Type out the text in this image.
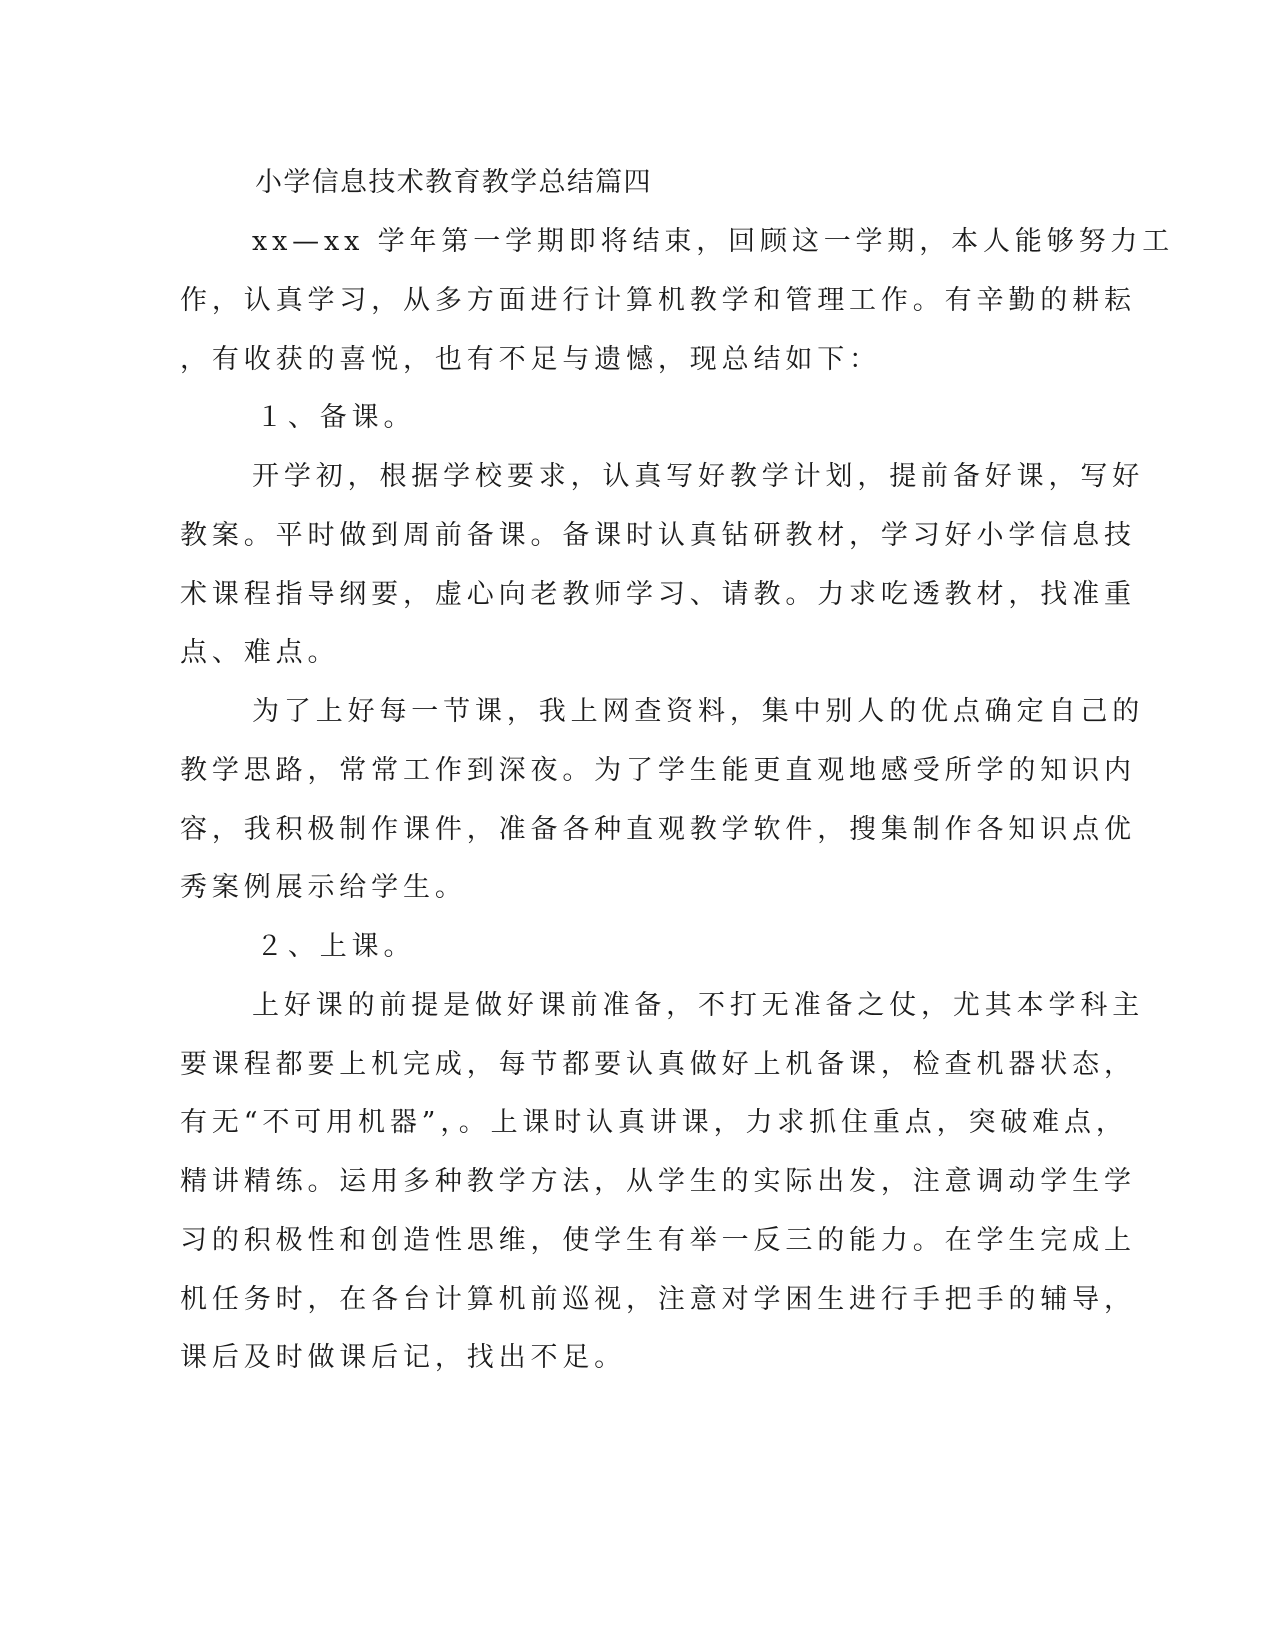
小学信息技术教育教学总结篇四
xx—xx 学年第一学期即将结束，回顾这一学期，本人能够努力工
作，认真学习，从多方面进行计算机教学和管理工作。有辛勤的耕耘
，有收获的喜悦，也有不足与遗憾，现总结如下：
１、备课。
开学初，根据学校要求，认真写好教学计划，提前备好课，写好
教案。平时做到周前备课。备课时认真钻研教材，学习好小学信息技
术课程指导纲要，虚心向老教师学习、请教。力求吃透教材，找准重
点、难点。
为了上好每一节课，我上网查资料，集中别人的优点确定自己的
教学思路，常常工作到深夜。为了学生能更直观地感受所学的知识内
容，我积极制作课件，准备各种直观教学软件，搜集制作各知识点优
秀案例展示给学生。
２、上课。
上好课的前提是做好课前准备，不打无准备之仗，尤其本学科主
要课程都要上机完成，每节都要认真做好上机备课，检查机器状态，
有无“不可用机器”，。上课时认真讲课，力求抓住重点，突破难点，
精讲精练。运用多种教学方法，从学生的实际出发，注意调动学生学
习的积极性和创造性思维，使学生有举一反三的能力。在学生完成上
机任务时，在各台计算机前巡视，注意对学困生进行手把手的辅导，
课后及时做课后记，找出不足。
